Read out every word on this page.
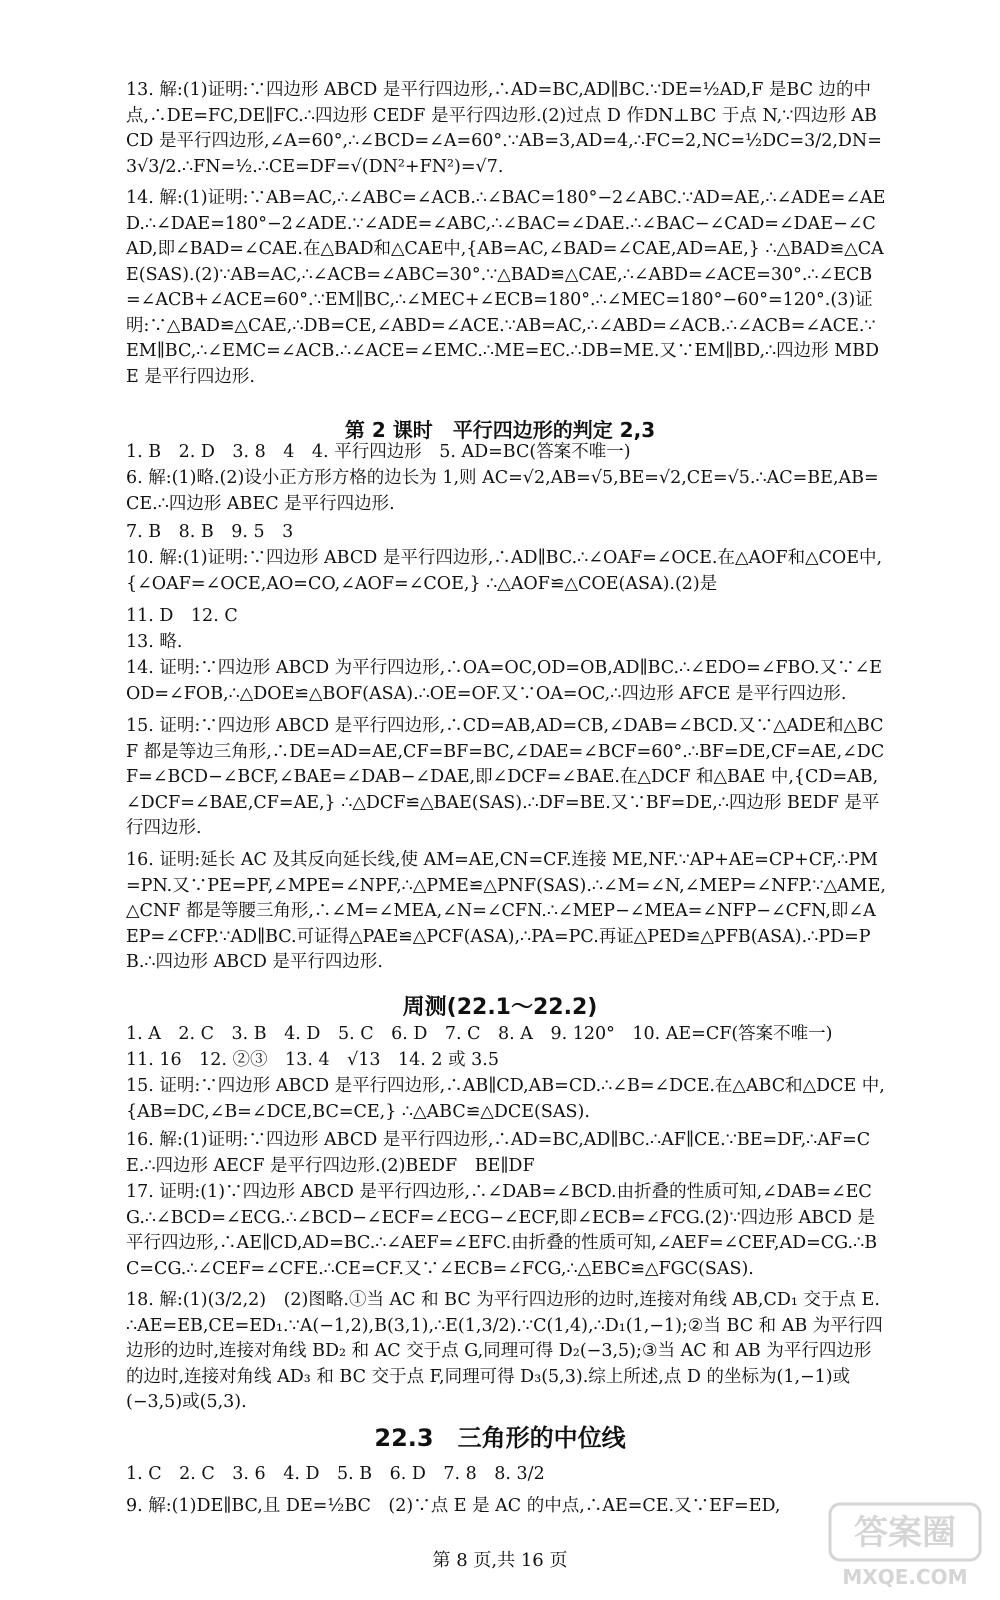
13. 解:(1)证明:∵四边形 ABCD 是平行四边形,∴AD=BC,AD∥BC.∵DE=½AD,F 是BC 边的中点,∴DE=FC,DE∥FC.∴四边形 CEDF 是平行四边形.(2)过点 D 作DN⊥BC 于点 N,∵四边形 ABCD 是平行四边形,∠A=60°,∴∠BCD=∠A=60°.∵AB=3,AD=4,∴FC=2,NC=½DC=3/2,DN=3√3/2.∴FN=½.∴CE=DF=√(DN²+FN²)=√7.
14. 解:(1)证明:∵AB=AC,∴∠ABC=∠ACB.∴∠BAC=180°−2∠ABC.∵AD=AE,∴∠ADE=∠AED.∴∠DAE=180°−2∠ADE.∵∠ADE=∠ABC,∴∠BAC=∠DAE.∴∠BAC−∠CAD=∠DAE−∠CAD,即∠BAD=∠CAE.在△BAD和△CAE中,{AB=AC,∠BAD=∠CAE,AD=AE,} ∴△BAD≌△CAE(SAS).(2)∵AB=AC,∴∠ACB=∠ABC=30°.∵△BAD≌△CAE,∴∠ABD=∠ACE=30°.∴∠ECB=∠ACB+∠ACE=60°.∵EM∥BC,∴∠MEC+∠ECB=180°.∴∠MEC=180°−60°=120°.(3)证明:∵△BAD≌△CAE,∴DB=CE,∠ABD=∠ACE.∵AB=AC,∴∠ABD=∠ACB.∴∠ACB=∠ACE.∵EM∥BC,∴∠EMC=∠ACB.∴∠ACE=∠EMC.∴ME=EC.∴DB=ME.又∵EM∥BD,∴四边形 MBDE 是平行四边形.
第 2 课时　平行四边形的判定 2,3
1. B　2. D　3. 8　4　4. 平行四边形　5. AD=BC(答案不唯一)
6. 解:(1)略.(2)设小正方形方格的边长为 1,则 AC=√2,AB=√5,BE=√2,CE=√5.∴AC=BE,AB=CE.∴四边形 ABEC 是平行四边形.
7. B　8. B　9. 5　3
10. 解:(1)证明:∵四边形 ABCD 是平行四边形,∴AD∥BC.∴∠OAF=∠OCE.在△AOF和△COE中,{∠OAF=∠OCE,AO=CO,∠AOF=∠COE,} ∴△AOF≌△COE(ASA).(2)是
11. D　12. C
13. 略.
14. 证明:∵四边形 ABCD 为平行四边形,∴OA=OC,OD=OB,AD∥BC.∴∠EDO=∠FBO.又∵∠EOD=∠FOB,∴△DOE≌△BOF(ASA).∴OE=OF.又∵OA=OC,∴四边形 AFCE 是平行四边形.
15. 证明:∵四边形 ABCD 是平行四边形,∴CD=AB,AD=CB,∠DAB=∠BCD.又∵△ADE和△BCF 都是等边三角形,∴DE=AD=AE,CF=BF=BC,∠DAE=∠BCF=60°.∴BF=DE,CF=AE,∠DCF=∠BCD−∠BCF,∠BAE=∠DAB−∠DAE,即∠DCF=∠BAE.在△DCF 和△BAE 中,{CD=AB,∠DCF=∠BAE,CF=AE,} ∴△DCF≌△BAE(SAS).∴DF=BE.又∵BF=DE,∴四边形 BEDF 是平行四边形.
16. 证明:延长 AC 及其反向延长线,使 AM=AE,CN=CF.连接 ME,NF.∵AP+AE=CP+CF,∴PM=PN.又∵PE=PF,∠MPE=∠NPF,∴△PME≌△PNF(SAS).∴∠M=∠N,∠MEP=∠NFP.∵△AME,△CNF 都是等腰三角形,∴∠M=∠MEA,∠N=∠CFN.∴∠MEP−∠MEA=∠NFP−∠CFN,即∠AEP=∠CFP.∵AD∥BC.可证得△PAE≌△PCF(ASA),∴PA=PC.再证△PED≌△PFB(ASA).∴PD=PB.∴四边形 ABCD 是平行四边形.
周测(22.1～22.2)
1. A　2. C　3. B　4. D　5. C　6. D　7. C　8. A　9. 120°　10. AE=CF(答案不唯一)
11. 16　12. ②③　13. 4　√13　14. 2 或 3.5
15. 证明:∵四边形 ABCD 是平行四边形,∴AB∥CD,AB=CD.∴∠B=∠DCE.在△ABC和△DCE 中,{AB=DC,∠B=∠DCE,BC=CE,} ∴△ABC≌△DCE(SAS).
16. 解:(1)证明:∵四边形 ABCD 是平行四边形,∴AD=BC,AD∥BC.∴AF∥CE.∵BE=DF,∴AF=CE.∴四边形 AECF 是平行四边形.(2)BEDF　BE∥DF
17. 证明:(1)∵四边形 ABCD 是平行四边形,∴∠DAB=∠BCD.由折叠的性质可知,∠DAB=∠ECG.∴∠BCD=∠ECG.∴∠BCD−∠ECF=∠ECG−∠ECF,即∠ECB=∠FCG.(2)∵四边形 ABCD 是平行四边形,∴AE∥CD,AD=BC.∴∠AEF=∠EFC.由折叠的性质可知,∠AEF=∠CEF,AD=CG.∴BC=CG.∴∠CEF=∠CFE.∴CE=CF.又∵∠ECB=∠FCG,∴△EBC≌△FGC(SAS).
18. 解:(1)(3/2,2)　(2)图略.①当 AC 和 BC 为平行四边形的边时,连接对角线 AB,CD₁ 交于点 E.∴AE=EB,CE=ED₁.∵A(−1,2),B(3,1),∴E(1,3/2).∵C(1,4),∴D₁(1,−1);②当 BC 和 AB 为平行四边形的边时,连接对角线 BD₂ 和 AC 交于点 G,同理可得 D₂(−3,5);③当 AC 和 AB 为平行四边形的边时,连接对角线 AD₃ 和 BC 交于点 F,同理可得 D₃(5,3).综上所述,点 D 的坐标为(1,−1)或(−3,5)或(5,3).
22.3　三角形的中位线
1. C　2. C　3. 6　4. D　5. B　6. D　7. 8　8. 3/2
9. 解:(1)DE∥BC,且 DE=½BC　(2)∵点 E 是 AC 的中点,∴AE=CE.又∵EF=ED,
第 8 页,共 16 页
答案圈
MXQE.COM
